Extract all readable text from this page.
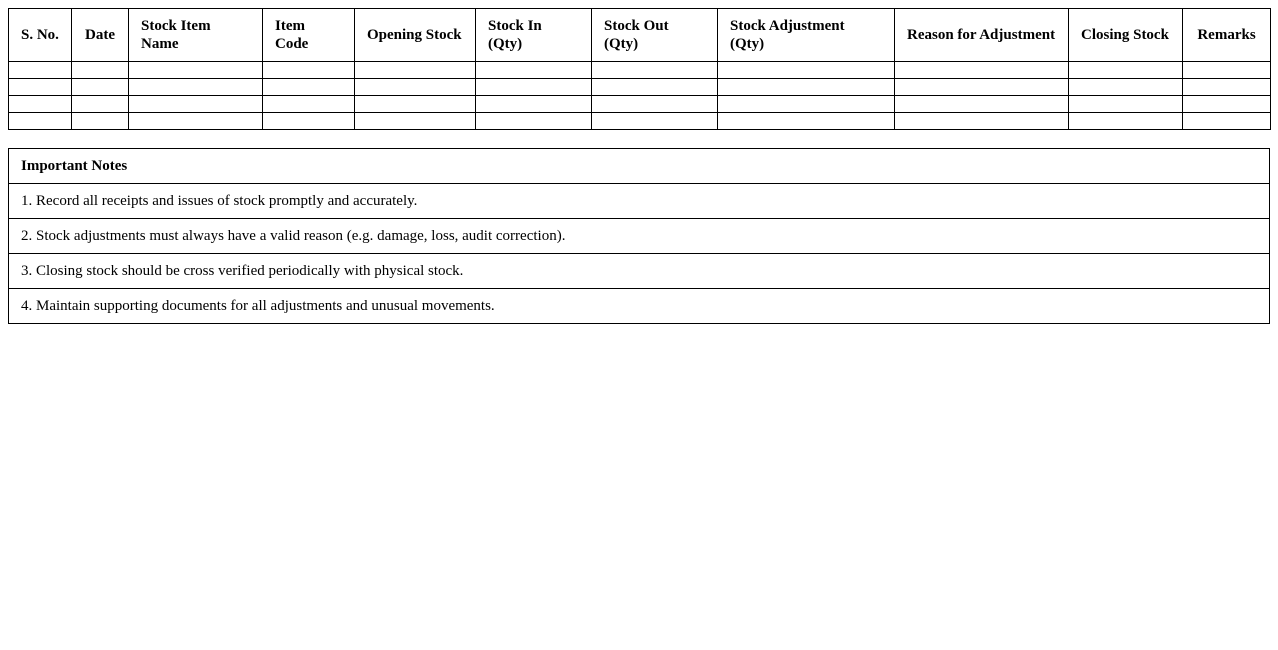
S. No.	Date	Stock Item Name	Item Code	Opening Stock	Stock In (Qty)	Stock Out (Qty)	Stock Adjustment (Qty)	Reason for Adjustment	Closing Stock	Remarks

Important Notes
1. Record all receipts and issues of stock promptly and accurately.
2. Stock adjustments must always have a valid reason (e.g. damage, loss, audit correction).
3. Closing stock should be cross verified periodically with physical stock.
4. Maintain supporting documents for all adjustments and unusual movements.
